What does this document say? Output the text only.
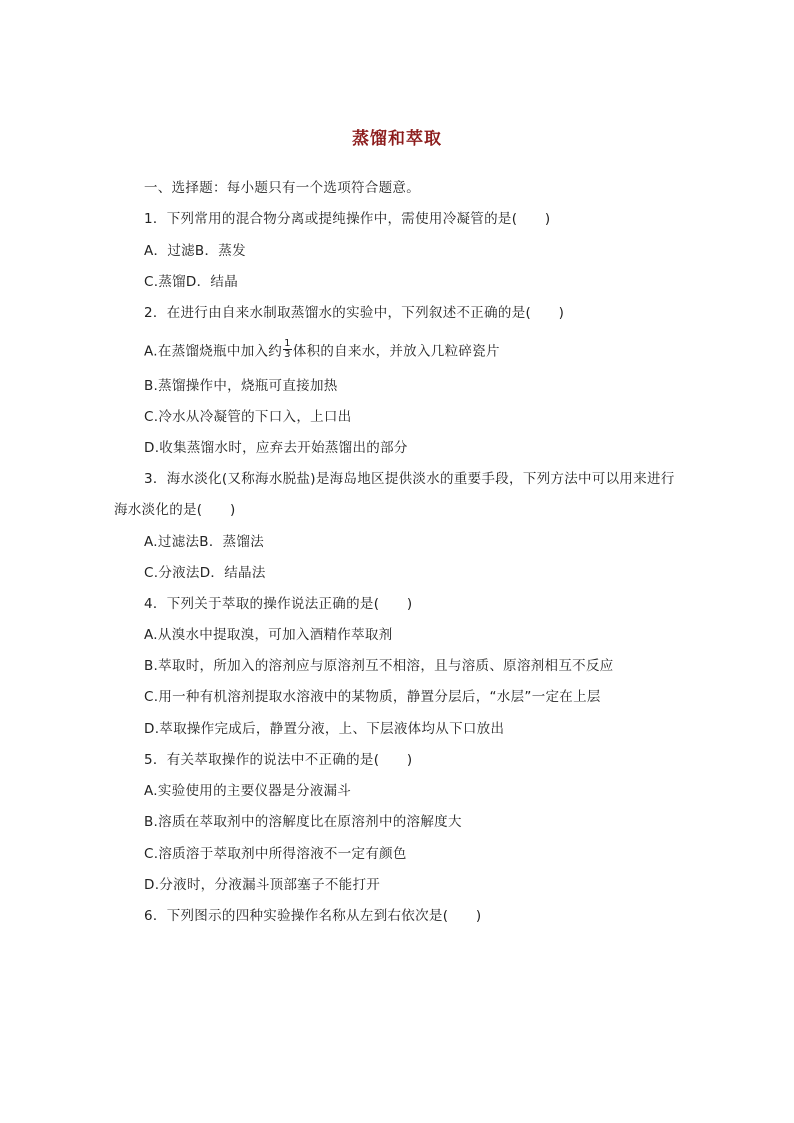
蒸馏和萃取
一、选择题：每小题只有一个选项符合题意。
1．下列常用的混合物分离或提纯操作中，需使用冷凝管的是(　　)
A．过滤B．蒸发
C.蒸馏D．结晶
2．在进行由自来水制取蒸馏水的实验中，下列叙述不正确的是(　　)
A.在蒸馏烧瓶中加入约 $\frac{1}{3}$ 体积的自来水，并放入几粒碎瓷片
B.蒸馏操作中，烧瓶可直接加热
C.冷水从冷凝管的下口入，上口出
D.收集蒸馏水时，应弃去开始蒸馏出的部分
3．海水淡化(又称海水脱盐)是海岛地区提供淡水的重要手段，下列方法中可以用来进行
海水淡化的是(　　)
A.过滤法B．蒸馏法
C.分液法D．结晶法
4．下列关于萃取的操作说法正确的是(　　)
A.从溴水中提取溴，可加入酒精作萃取剂
B.萃取时，所加入的溶剂应与原溶剂互不相溶，且与溶质、原溶剂相互不反应
C.用一种有机溶剂提取水溶液中的某物质，静置分层后，“水层”一定在上层
D.萃取操作完成后，静置分液，上、下层液体均从下口放出
5．有关萃取操作的说法中不正确的是(　　)
A.实验使用的主要仪器是分液漏斗
B.溶质在萃取剂中的溶解度比在原溶剂中的溶解度大
C.溶质溶于萃取剂中所得溶液不一定有颜色
D.分液时，分液漏斗顶部塞子不能打开
6．下列图示的四种实验操作名称从左到右依次是(　　)
